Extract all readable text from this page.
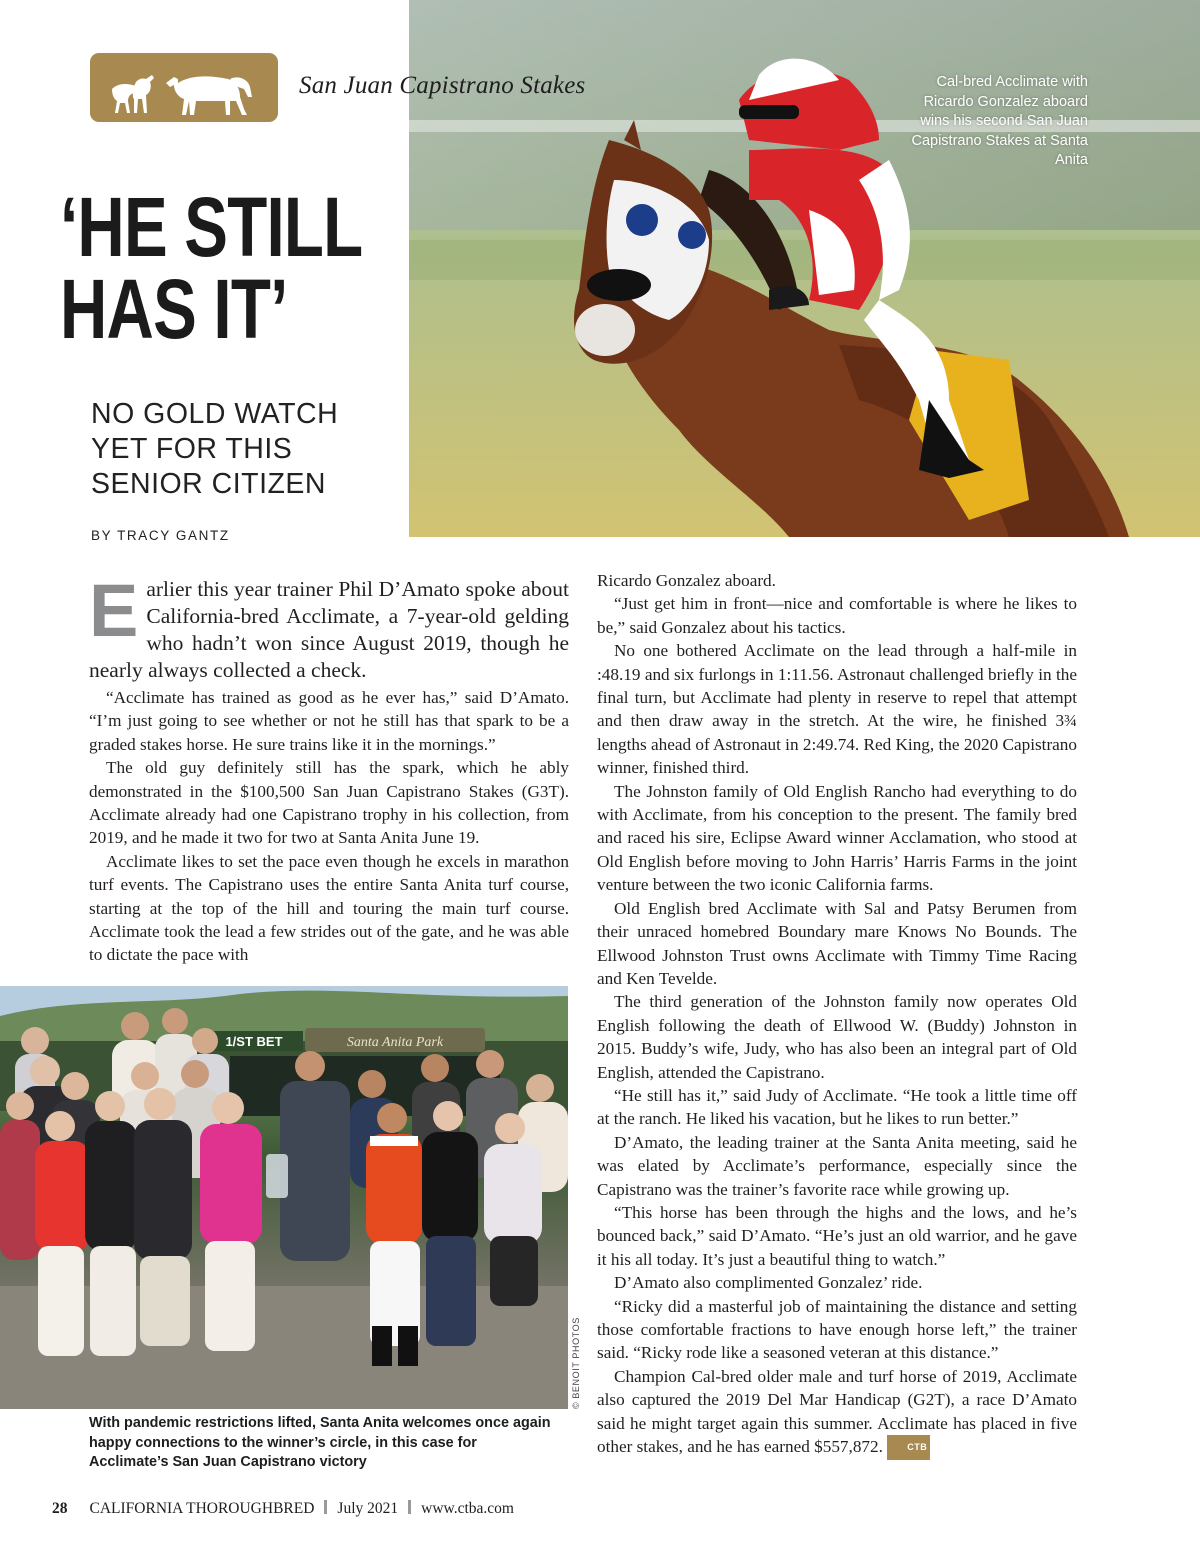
Cal-bred Acclimate with Ricardo Gonzalez aboard wins his second San Juan Capistrano Stakes at Santa Anita
San Juan Capistrano Stakes
‘HE STILL
HAS IT’
NO GOLD WATCH
YET FOR THIS
SENIOR CITIZEN
BY TRACY GANTZ
Earlier this year trainer Phil D’Amato spoke about California-bred Acclimate, a 7-year-old gelding who hadn’t won since August 2019, though he nearly always collected a check.

“Acclimate has trained as good as he ever has,” said D’Amato. “I’m just going to see whether or not he still has that spark to be a graded stakes horse. He sure trains like it in the mornings.”

The old guy definitely still has the spark, which he ably demonstrated in the $100,500 San Juan Capistrano Stakes (G3T). Acclimate already had one Capistrano trophy in his collection, from 2019, and he made it two for two at Santa Anita June 19.

Acclimate likes to set the pace even though he excels in marathon turf events. The Capistrano uses the entire Santa Anita turf course, starting at the top of the hill and touring the main turf course. Acclimate took the lead a few strides out of the gate, and he was able to dictate the pace with

1/ST BET	Santa Anita Park
© BENOIT PHOTOS
With pandemic restrictions lifted, Santa Anita welcomes once again happy connections to the winner’s circle, in this case for Acclimate’s San Juan Capistrano victory

Ricardo Gonzalez aboard.

“Just get him in front—nice and comfortable is where he likes to be,” said Gonzalez about his tactics.

No one bothered Acclimate on the lead through a half-mile in :48.19 and six furlongs in 1:11.56. Astronaut challenged briefly in the final turn, but Acclimate had plenty in reserve to repel that attempt and then draw away in the stretch. At the wire, he finished 3¾ lengths ahead of Astronaut in 2:49.74. Red King, the 2020 Capistrano winner, finished third.

The Johnston family of Old English Rancho had everything to do with Acclimate, from his conception to the present. The family bred and raced his sire, Eclipse Award winner Acclamation, who stood at Old English before moving to John Harris’ Harris Farms in the joint venture between the two iconic California farms.

Old English bred Acclimate with Sal and Patsy Berumen from their unraced homebred Boundary mare Knows No Bounds. The Ellwood Johnston Trust owns Acclimate with Timmy Time Racing and Ken Tevelde.

The third generation of the Johnston family now operates Old English following the death of Ellwood W. (Buddy) Johnston in 2015. Buddy’s wife, Judy, who has also been an integral part of Old English, attended the Capistrano.

“He still has it,” said Judy of Acclimate. “He took a little time off at the ranch. He liked his vacation, but he likes to run better.”

D’Amato, the leading trainer at the Santa Anita meeting, said he was elated by Acclimate’s performance, especially since the Capistrano was the trainer’s favorite race while growing up.

“This horse has been through the highs and the lows, and he’s bounced back,” said D’Amato. “He’s just an old warrior, and he gave it his all today. It’s just a beautiful thing to watch.”

D’Amato also complimented Gonzalez’ ride.

“Ricky did a masterful job of maintaining the distance and setting those comfortable fractions to have enough horse left,” the trainer said. “Ricky rode like a seasoned veteran at this distance.”

Champion Cal-bred older male and turf horse of 2019, Acclimate also captured the 2019 Del Mar Handicap (G2T), a race D’Amato said he might target again this summer. Acclimate has placed in five other stakes, and he has earned $557,872.	CTB

28 CALIFORNIA THOROUGHBRED July 2021 www.ctba.com
